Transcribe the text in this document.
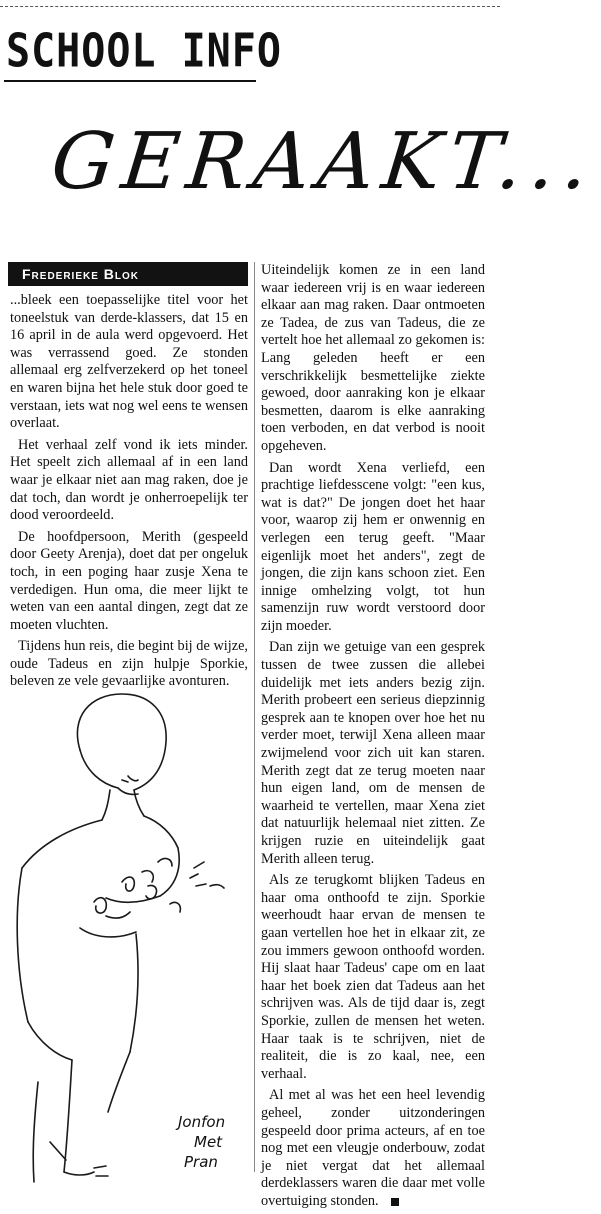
SCHOOL INFO
GERAAKT...
Frederieke Blok

...bleek een toepasselijke titel voor het toneelstuk van derde-klassers, dat 15 en 16 april in de aula werd opgevoerd. Het was verrassend goed. Ze stonden allemaal erg zelfverzekerd op het toneel en waren bijna het hele stuk door goed te verstaan, iets wat nog wel eens te wensen overlaat.

Het verhaal zelf vond ik iets minder. Het speelt zich allemaal af in een land waar je elkaar niet aan mag raken, doe je dat toch, dan wordt je onherroepelijk ter dood veroordeeld.

De hoofdpersoon, Merith (gespeeld door Geety Arenja), doet dat per ongeluk toch, in een poging haar zusje Xena te verdedigen. Hun oma, die meer lijkt te weten van een aantal dingen, zegt dat ze moeten vluchten.

Tijdens hun reis, die begint bij de wijze, oude Tadeus en zijn hulpje Sporkie, beleven ze vele gevaarlijke avonturen.

Uiteindelijk komen ze in een land waar iedereen vrij is en waar iedereen elkaar aan mag raken. Daar ontmoeten ze Tadea, de zus van Tadeus, die ze vertelt hoe het allemaal zo gekomen is: Lang geleden heeft er een verschrikkelijk besmettelijke ziekte gewoed, door aanraking kon je elkaar besmetten, daarom is elke aanraking toen verboden, en dat verbod is nooit opgeheven.

Dan wordt Xena verliefd, een prachtige liefdesscene volgt: "een kus, wat is dat?" De jongen doet het haar voor, waarop zij hem er onwennig en verlegen een terug geeft. "Maar eigenlijk moet het anders", zegt de jongen, die zijn kans schoon ziet. Een innige omhelzing volgt, tot hun samenzijn ruw wordt verstoord door zijn moeder.

Dan zijn we getuige van een gesprek tussen de twee zussen die allebei duidelijk met iets anders bezig zijn. Merith probeert een serieus diepzinnig gesprek aan te knopen over hoe het nu verder moet, terwijl Xena alleen maar zwijmelend voor zich uit kan staren. Merith zegt dat ze terug moeten naar hun eigen land, om de mensen de waarheid te vertellen, maar Xena ziet dat natuurlijk helemaal niet zitten. Ze krijgen ruzie en uiteindelijk gaat Merith alleen terug.

Als ze terugkomt blijken Tadeus en haar oma onthoofd te zijn. Sporkie weerhoudt haar ervan de mensen te gaan vertellen hoe het in elkaar zit, ze zou immers gewoon onthoofd worden. Hij slaat haar Tadeus' cape om en laat haar het boek zien dat Tadeus aan het schrijven was. Als de tijd daar is, zegt Sporkie, zullen de mensen het weten. Haar taak is te schrijven, niet de realiteit, die is zo kaal, nee, een verhaal.

Al met al was het een heel levendig geheel, zonder uitzonderingen gespeeld door prima acteurs, af en toe nog met een vleugje onderbouw, zodat je niet vergat dat het allemaal derdeklassers waren die daar met volle overtuiging stonden.

Jonfon
Met
Pran
